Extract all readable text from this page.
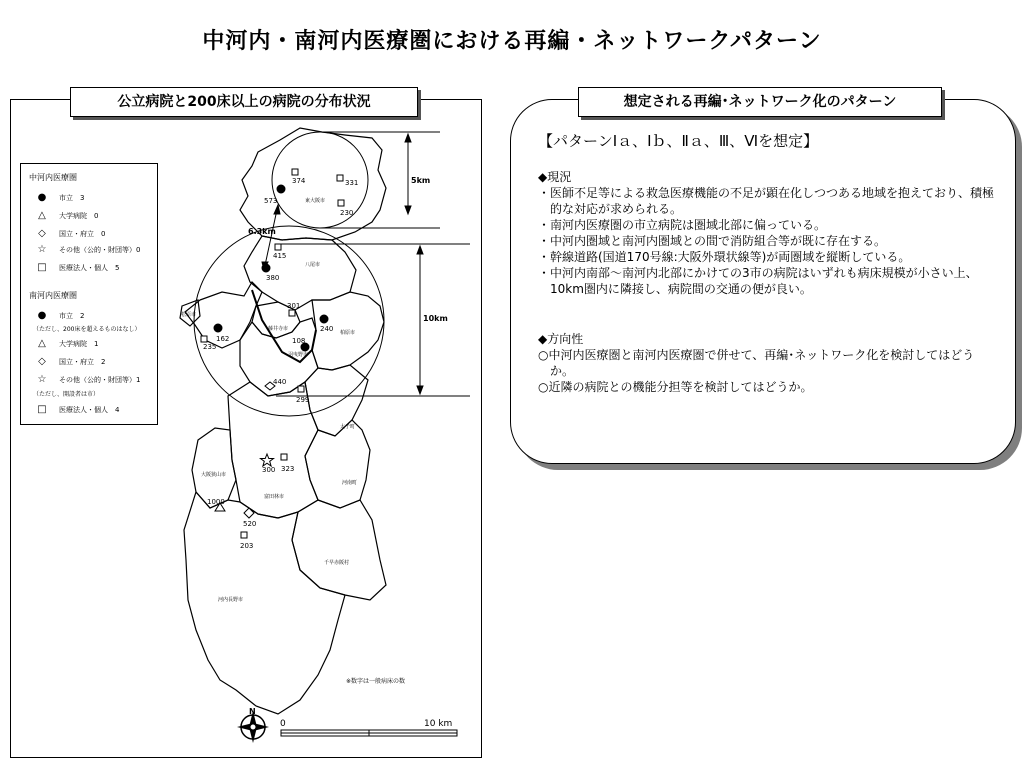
中河内・南河内医療圏における再編・ネットワークパターン
公立病院と200床以上の病院の分布状況
374	331
573
230
415
380
301
240
162
235
108
440
299
300 323
1000
520
203
東大阪市
八尾市
松原市
藤井寺市
羽曳野市
柏原市
太子町
河南町
大阪狭山市
富田林市
千早赤阪村
河内長野市
5km
10km
6.3km
※数字は一般病床の数
N
0	10 km
中河内医療圏
●	市立　3
△	大学病院　0
◇	国立・府立　0
☆	その他（公的・財団等）0
□	医療法人・個人　5
南河内医療圏
●	市立　2
（ただし、200床を超えるものはなし）
△	大学病院　1
◇	国立・府立　2
☆	その他（公的・財団等）1
（ただし、開設者は市）
□	医療法人・個人　4
想定される再編･ネットワーク化のパターン
【パターンⅠａ、Ⅰｂ、Ⅱａ、Ⅲ、Ⅵを想定】
◆現況
・医師不足等による救急医療機能の不足が顕在化しつつある地域を抱えており、積極的な対応が求められる。
・南河内医療圏の市立病院は圏域北部に偏っている。
・中河内圏域と南河内圏域との間で消防組合等が既に存在する。
・幹線道路(国道170号線:大阪外環状線等)が両圏域を縦断している。
・中河内南部～南河内北部にかけての3市の病院はいずれも病床規模が小さい上、10km圏内に隣接し、病院間の交通の便が良い。
◆方向性
○中河内医療圏と南河内医療圏で併せて、再編･ネットワーク化を検討してはどうか。
○近隣の病院との機能分担等を検討してはどうか。
